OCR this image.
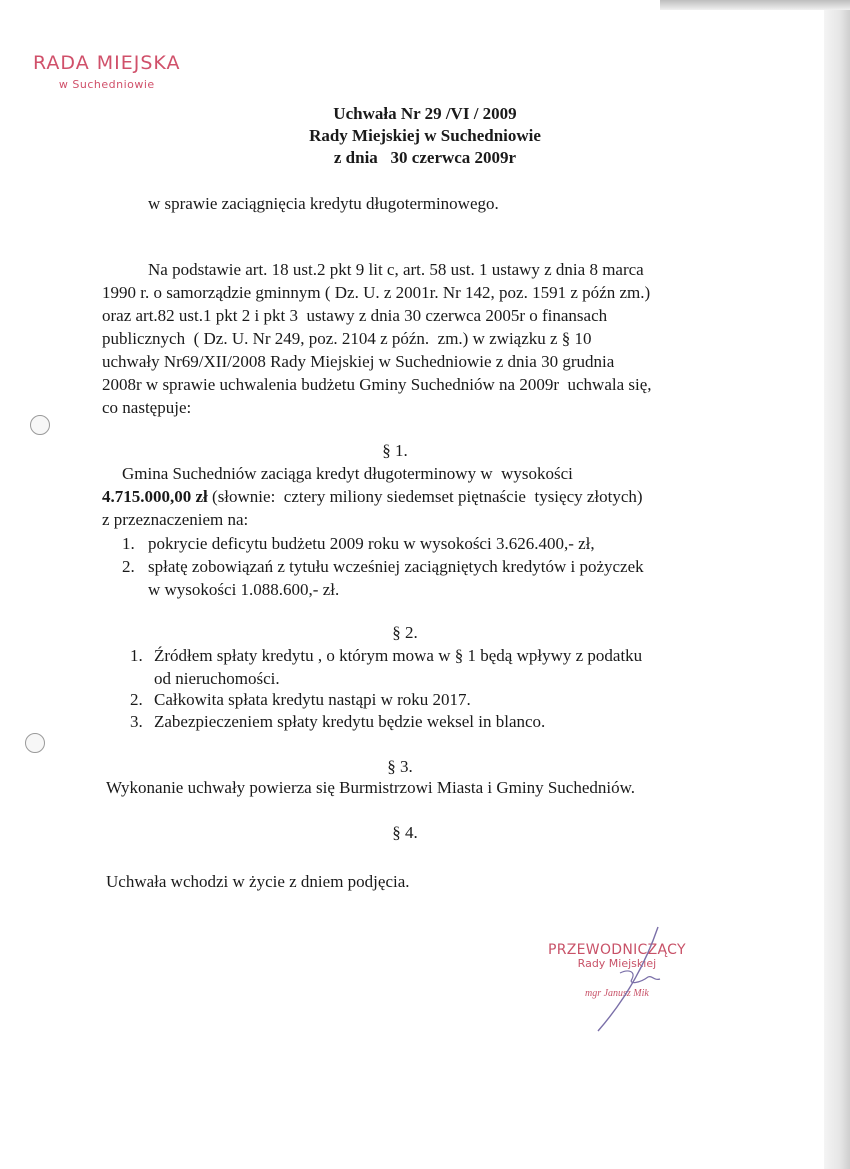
RADA MIEJSKA
w Suchedniowie
Uchwała Nr 29 /VI / 2009
Rady Miejskiej w Suchedniowie
z dnia   30 czerwca 2009r
w sprawie zaciągnięcia kredytu długoterminowego.
Na podstawie art. 18 ust.2 pkt 9 lit c, art. 58 ust. 1 ustawy z dnia 8 marca
1990 r. o samorządzie gminnym ( Dz. U. z 2001r. Nr 142, poz. 1591 z późn zm.)
oraz art.82 ust.1 pkt 2 i pkt 3  ustawy z dnia 30 czerwca 2005r o finansach
publicznych  ( Dz. U. Nr 249, poz. 2104 z późn.  zm.) w związku z § 10
uchwały Nr69/XII/2008 Rady Miejskiej w Suchedniowie z dnia 30 grudnia
2008r w sprawie uchwalenia budżetu Gminy Suchedniów na 2009r  uchwala się,
co następuje:
§ 1.
Gmina Suchedniów zaciąga kredyt długoterminowy w  wysokości
4.715.000,00 zł (słownie:  cztery miliony siedemset piętnaście  tysięcy złotych)
z przeznaczeniem na:
1. pokrycie deficytu budżetu 2009 roku w wysokości 3.626.400,- zł,
2. spłatę zobowiązań z tytułu wcześniej zaciągniętych kredytów i pożyczek
w wysokości 1.088.600,- zł.
§ 2.
1. Źródłem spłaty kredytu , o którym mowa w § 1 będą wpływy z podatku
od nieruchomości.
2. Całkowita spłata kredytu nastąpi w roku 2017.
3. Zabezpieczeniem spłaty kredytu będzie weksel in blanco.
§ 3.
Wykonanie uchwały powierza się Burmistrzowi Miasta i Gminy Suchedniów.
§ 4.
Uchwała wchodzi w życie z dniem podjęcia.
PRZEWODNICZĄCY
Rady Miejskiej
mgr Janusz Mik
